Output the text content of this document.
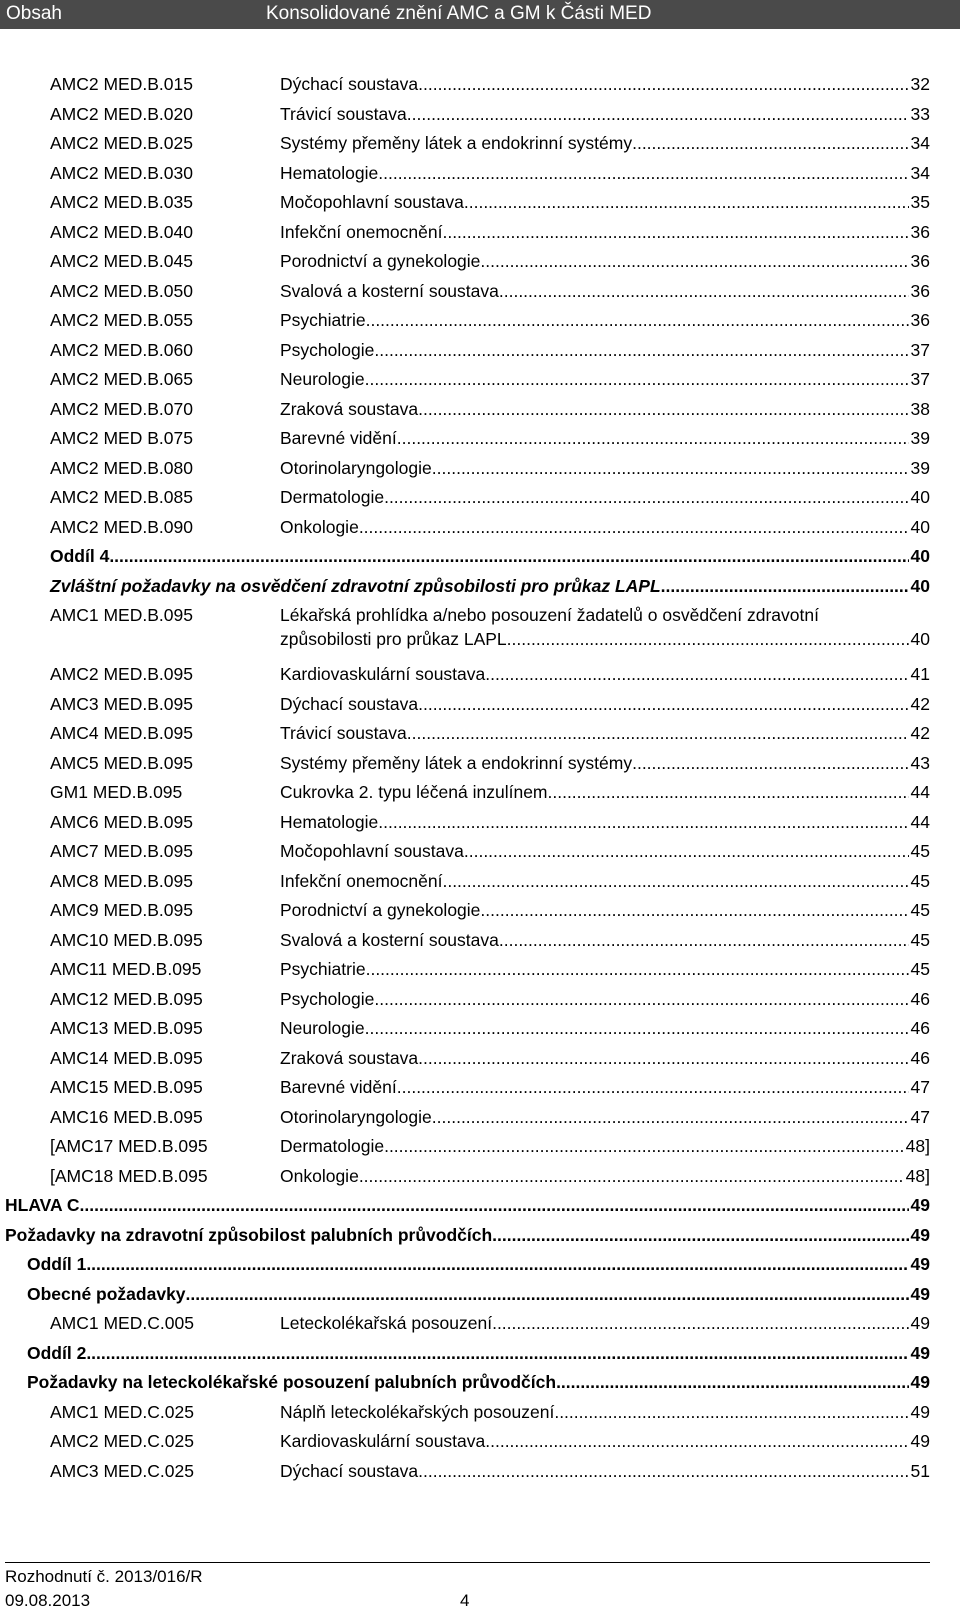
Obsah	Konsolidované znění AMC a GM k Části MED
AMC2 MED.B.015	Dýchací soustava .....	32
AMC2 MED.B.020	Trávicí soustava .....	33
AMC2 MED.B.025	Systémy přeměny látek a endokrinní systémy .....	34
AMC2 MED.B.030	Hematologie .....	34
AMC2 MED.B.035	Močopohlavní soustava .....	35
AMC2 MED.B.040	Infekční onemocnění .....	36
AMC2 MED.B.045	Porodnictví a gynekologie .....	36
AMC2 MED.B.050	Svalová a kosterní soustava .....	36
AMC2 MED.B.055	Psychiatrie .....	36
AMC2 MED.B.060	Psychologie .....	37
AMC2 MED.B.065	Neurologie .....	37
AMC2 MED.B.070	Zraková soustava .....	38
AMC2 MED B.075	Barevné vidění .....	39
AMC2 MED.B.080	Otorinolaryngologie .....	39
AMC2 MED.B.085	Dermatologie .....	40
AMC2 MED.B.090	Onkologie .....	40
Oddíl 4 .....	40
Zvláštní požadavky na osvědčení zdravotní způsobilosti pro průkaz LAPL .....	40
AMC1 MED.B.095	Lékařská prohlídka a/nebo posouzení žadatelů o osvědčení zdravotní
způsobilosti pro průkaz LAPL .....	40
AMC2 MED.B.095	Kardiovaskulární soustava .....	41
AMC3 MED.B.095	Dýchací soustava .....	42
AMC4 MED.B.095	Trávicí soustava .....	42
AMC5 MED.B.095	Systémy přeměny látek a endokrinní systémy .....	43
GM1 MED.B.095	Cukrovka 2. typu léčená inzulínem .....	44
AMC6 MED.B.095	Hematologie .....	44
AMC7 MED.B.095	Močopohlavní soustava .....	45
AMC8 MED.B.095	Infekční onemocnění .....	45
AMC9 MED.B.095	Porodnictví a gynekologie .....	45
AMC10 MED.B.095	Svalová a kosterní soustava .....	45
AMC11 MED.B.095	Psychiatrie .....	45
AMC12 MED.B.095	Psychologie .....	46
AMC13 MED.B.095	Neurologie .....	46
AMC14 MED.B.095	Zraková soustava .....	46
AMC15 MED.B.095	Barevné vidění .....	47
AMC16 MED.B.095	Otorinolaryngologie .....	47
[AMC17 MED.B.095	Dermatologie .....	48]
[AMC18 MED.B.095	Onkologie .....	48]
HLAVA C .....	49
Požadavky na zdravotní způsobilost palubních průvodčích .....	49
Oddíl 1 .....	49
Obecné požadavky .....	49
AMC1 MED.C.005	Leteckolékařská posouzení .....	49
Oddíl 2 .....	49
Požadavky na leteckolékařské posouzení palubních průvodčích .....	49
AMC1 MED.C.025	Náplň leteckolékařských posouzení .....	49
AMC2 MED.C.025	Kardiovaskulární soustava .....	49
AMC3 MED.C.025	Dýchací soustava .....	51
Rozhodnutí č. 2013/016/R
09.08.2013	4
